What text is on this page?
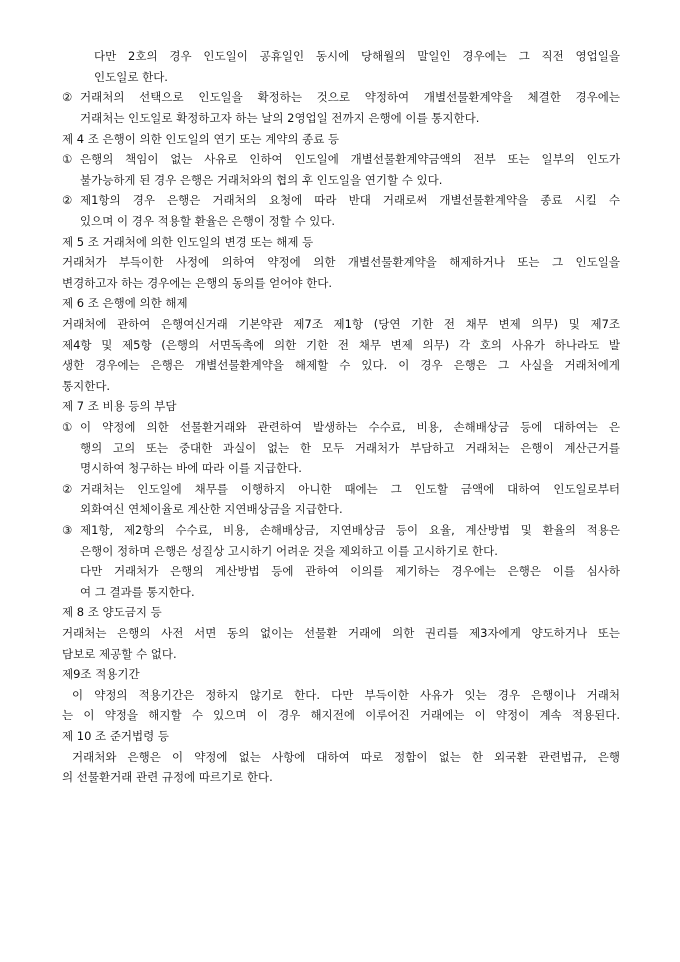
다만 2호의 경우 인도일이 공휴일인 동시에 당해월의 말일인 경우에는 그 직전 영업일을
인도일로 한다.
② 거래처의 선택으로 인도일을 확정하는 것으로 약정하여 개별선물환계약을 체결한 경우에는
거래처는 인도일로 확정하고자 하는 날의 2영업일 전까지 은행에 이를 통지한다.
제 4 조 은행이 의한 인도일의 연기 또는 계약의 종료 등
① 은행의 책임이 없는 사유로 인하여 인도일에 개별선물환계약금액의 전부 또는 일부의 인도가
불가능하게 된 경우 은행은 거래처와의 협의 후 인도일을 연기할 수 있다.
② 제1항의 경우 은행은 거래처의 요청에 따라 반대 거래로써 개별선물환계약을 종료 시킬 수
있으며 이 경우 적용할 환율은 은행이 정할 수 있다.
제 5 조 거래처에 의한 인도일의 변경 또는 해제 등
거래처가 부득이한 사정에 의하여 약정에 의한 개별선물환계약을 해제하거나 또는 그 인도일을
변경하고자 하는 경우에는 은행의 동의를 얻어야 한다.
제 6 조 은행에 의한 해제
거래처에 관하여 은행여신거래 기본약관 제7조 제1항 (당연 기한 전 채무 변제 의무) 및 제7조
제4항 및 제5항 (은행의 서면독촉에 의한 기한 전 채무 변제 의무) 각 호의 사유가 하나라도 발
생한 경우에는 은행은 개별선물환계약을 해제할 수 있다. 이 경우 은행은 그 사실을 거래처에게
통지한다.
제 7 조 비용 등의 부담
① 이 약정에 의한 선물환거래와 관련하여 발생하는 수수료, 비용, 손해배상금 등에 대하여는 은
행의 고의 또는 중대한 과실이 없는 한 모두 거래처가 부담하고 거래처는 은행이 계산근거를
명시하여 청구하는 바에 따라 이를 지급한다.
② 거래처는 인도일에 채무를 이행하지 아니한 때에는 그 인도할 금액에 대하여 인도일로부터
외화여신 연체이율로 계산한 지연배상금을 지급한다.
③ 제1항, 제2항의 수수료, 비용, 손해배상금, 지연배상금 등이 요율, 계산방법 및 환율의 적용은
은행이 정하며 은행은 성질상 고시하기 어려운 것을 제외하고 이를 고시하기로 한다.
다만 거래처가 은행의 계산방법 등에 관하여 이의를 제기하는 경우에는 은행은 이를 심사하
여 그 결과를 통지한다.
제 8 조 양도금지 등
거래처는 은행의 사전 서면 동의 없이는 선물환 거래에 의한 권리를 제3자에게 양도하거나 또는
담보로 제공할 수 없다.
제9조 적용기간
이 약정의 적용기간은 정하지 않기로 한다. 다만 부득이한 사유가 잇는 경우 은행이나 거래처
는 이 약정을 해지할 수 있으며 이 경우 해지전에 이루어진 거래에는 이 약정이 계속 적용된다.
제 10 조 준거법령 등
거래처와 은행은 이 약정에 없는 사항에 대하여 따로 정함이 없는 한 외국환 관련법규, 은행
의 선물환거래 관련 규정에 따르기로 한다.
